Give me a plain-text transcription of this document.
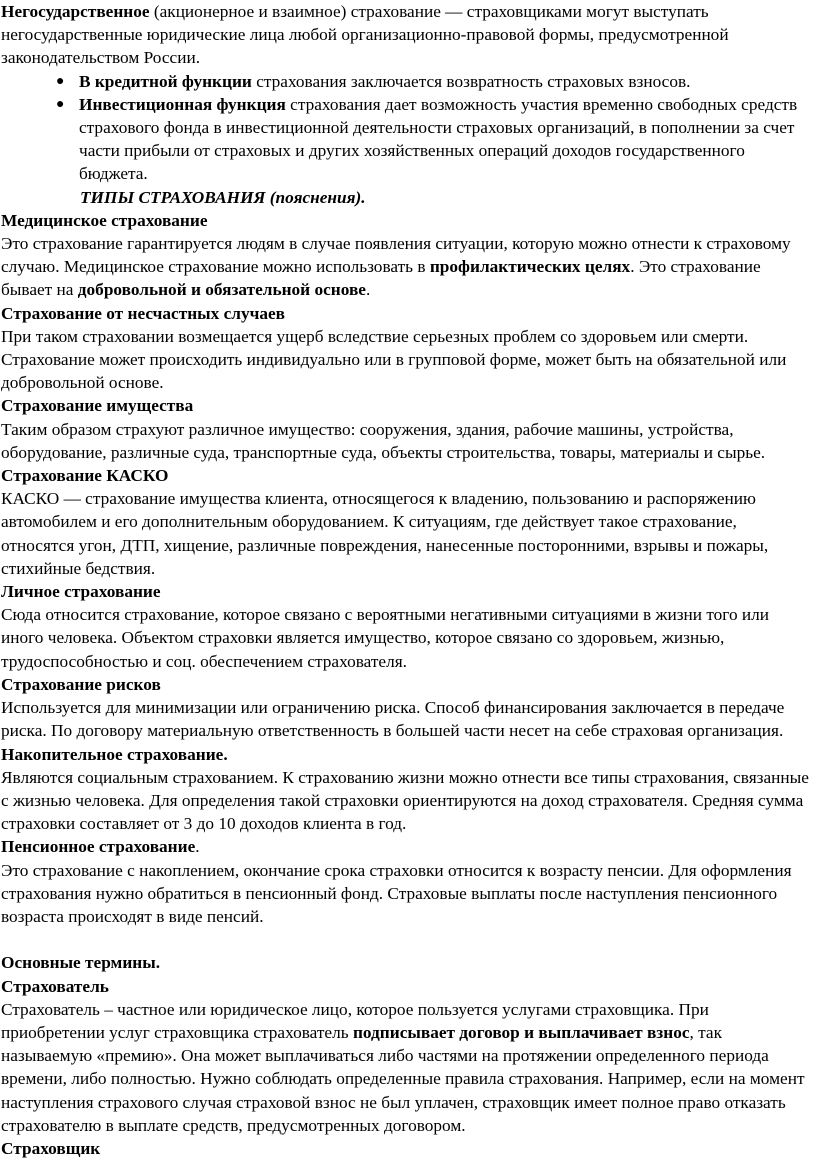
Негосударственное (акционерное и взаимное) страхование — страховщиками могут выступать негосударственные юридические лица любой организационно-правовой формы, предусмотренной законодательством России.

● В кредитной функции страхования заключается возвратность страховых взносов.
● Инвестиционная функция страхования дает возможность участия временно свободных средств страхового фонда в инвестиционной деятельности страховых организаций, в пополнении за счет части прибыли от страховых и других хозяйственных операций доходов государственного бюджета.

ТИПЫ СТРАХОВАНИЯ (пояснения).

Медицинское страхование

Это страхование гарантируется людям в случае появления ситуации, которую можно отнести к страховому случаю. Медицинское страхование можно использовать в профилактических целях. Это страхование бывает на добровольной и обязательной основе.

Страхование от несчастных случаев

При таком страховании возмещается ущерб вследствие серьезных проблем со здоровьем или смерти. Страхование может происходить индивидуально или в групповой форме, может быть на обязательной или добровольной основе.

Страхование имущества

Таким образом страхуют различное имущество: сооружения, здания, рабочие машины, устройства, оборудование, различные суда, транспортные суда, объекты строительства, товары, материалы и сырье.

Страхование КАСКО

КАСКО — страхование имущества клиента, относящегося к владению, пользованию и распоряжению автомобилем и его дополнительным оборудованием. К ситуациям, где действует такое страхование, относятся угон, ДТП, хищение, различные повреждения, нанесенные посторонними, взрывы и пожары, стихийные бедствия.

Личное страхование

Сюда относится страхование, которое связано с вероятными негативными ситуациями в жизни того или иного человека. Объектом страховки является имущество, которое связано со здоровьем, жизнью, трудоспособностью и соц. обеспечением страхователя.

Страхование рисков

Используется для минимизации или ограничению риска. Способ финансирования заключается в передаче риска. По договору материальную ответственность в большей части несет на себе страховая организация.

Накопительное страхование.

Являются социальным страхованием. К страхованию жизни можно отнести все типы страхования, связанные с жизнью человека. Для определения такой страховки ориентируются на доход страхователя. Средняя сумма страховки составляет от 3 до 10 доходов клиента в год.

Пенсионное страхование.

Это страхование с накоплением, окончание срока страховки относится к возрасту пенсии. Для оформления страхования нужно обратиться в пенсионный фонд. Страховые выплаты после наступления пенсионного возраста происходят в виде пенсий.

Основные термины.

Страхователь

Страхователь – частное или юридическое лицо, которое пользуется услугами страховщика. При приобретении услуг страховщика страхователь подписывает договор и выплачивает взнос, так называемую «премию». Она может выплачиваться либо частями на протяжении определенного периода времени, либо полностью. Нужно соблюдать определенные правила страхования. Например, если на момент наступления страхового случая страховой взнос не был уплачен, страховщик имеет полное право отказать страхователю в выплате средств, предусмотренных договором.

Страховщик
